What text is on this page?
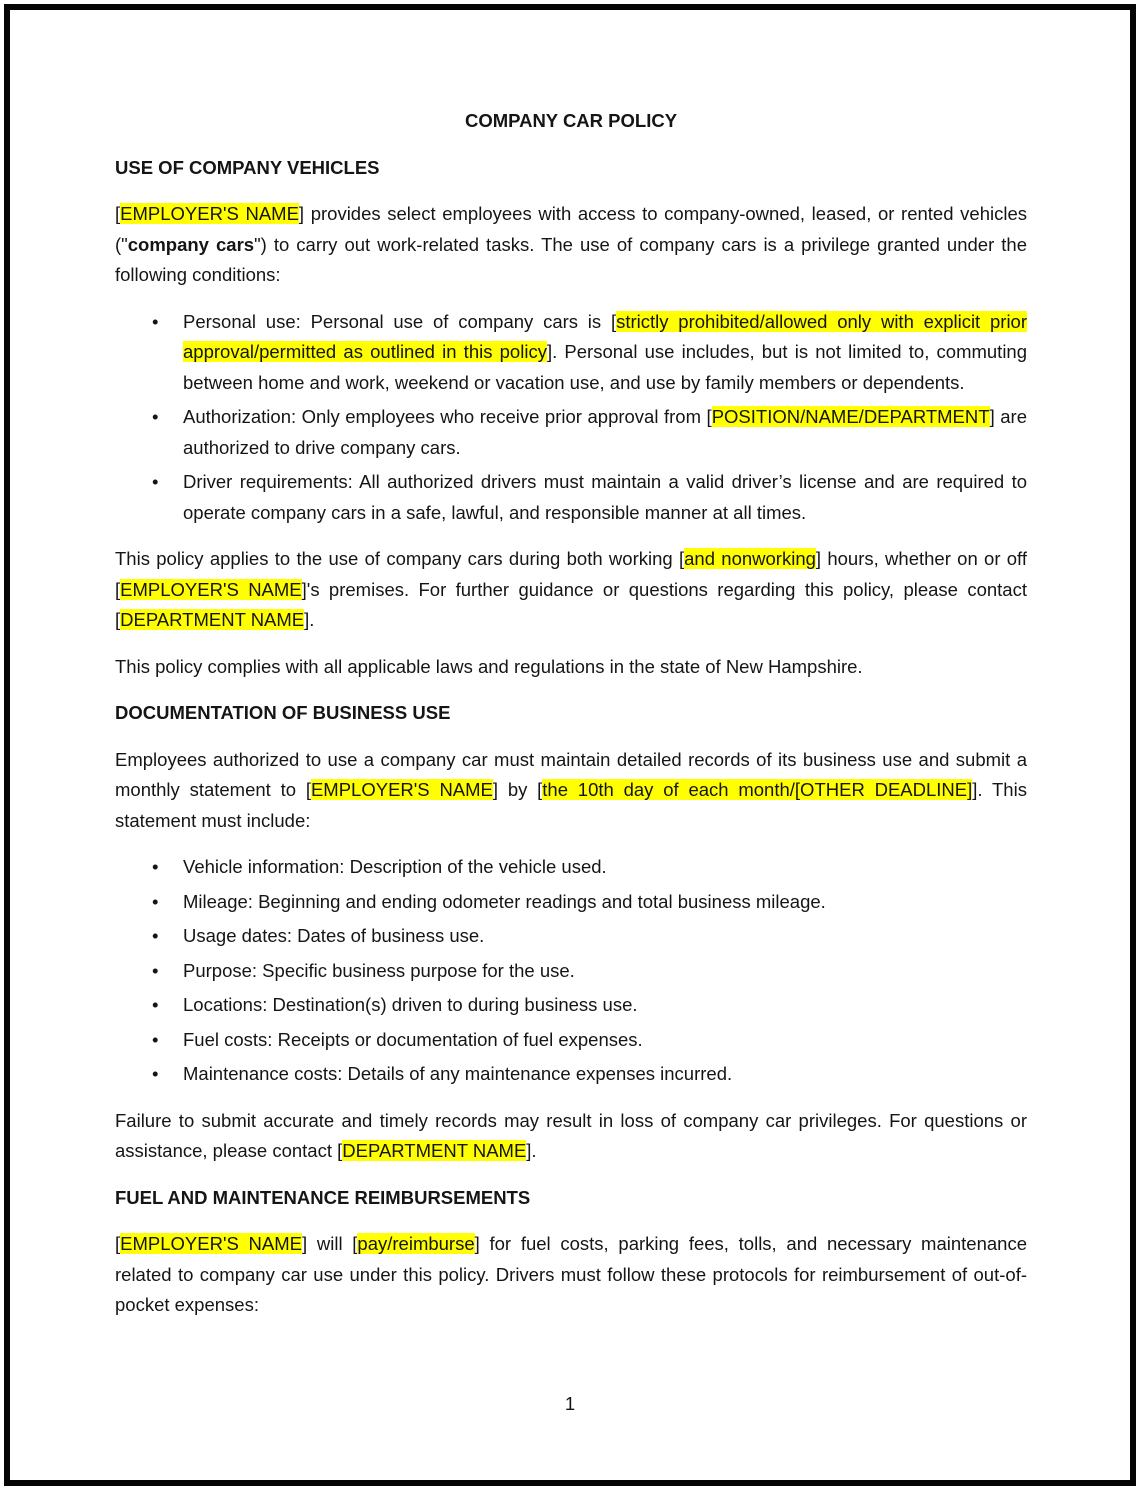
COMPANY CAR POLICY
USE OF COMPANY VEHICLES

[EMPLOYER'S NAME] provides select employees with access to company-owned, leased, or rented vehicles ("company cars") to carry out work-related tasks. The use of company cars is a privilege granted under the following conditions:

• Personal use: Personal use of company cars is [strictly prohibited/allowed only with explicit prior approval/permitted as outlined in this policy]. Personal use includes, but is not limited to, commuting between home and work, weekend or vacation use, and use by family members or dependents.
• Authorization: Only employees who receive prior approval from [POSITION/NAME/DEPARTMENT] are authorized to drive company cars.
• Driver requirements: All authorized drivers must maintain a valid driver’s license and are required to operate company cars in a safe, lawful, and responsible manner at all times.

This policy applies to the use of company cars during both working [and nonworking] hours, whether on or off [EMPLOYER'S NAME]'s premises. For further guidance or questions regarding this policy, please contact [DEPARTMENT NAME].

This policy complies with all applicable laws and regulations in the state of New Hampshire.

DOCUMENTATION OF BUSINESS USE

Employees authorized to use a company car must maintain detailed records of its business use and submit a monthly statement to [EMPLOYER'S NAME] by [the 10th day of each month/[OTHER DEADLINE]]. This statement must include:

• Vehicle information: Description of the vehicle used.
• Mileage: Beginning and ending odometer readings and total business mileage.
• Usage dates: Dates of business use.
• Purpose: Specific business purpose for the use.
• Locations: Destination(s) driven to during business use.
• Fuel costs: Receipts or documentation of fuel expenses.
• Maintenance costs: Details of any maintenance expenses incurred.

Failure to submit accurate and timely records may result in loss of company car privileges. For questions or assistance, please contact [DEPARTMENT NAME].

FUEL AND MAINTENANCE REIMBURSEMENTS

[EMPLOYER'S NAME] will [pay/reimburse] for fuel costs, parking fees, tolls, and necessary maintenance related to company car use under this policy. Drivers must follow these protocols for reimbursement of out-of-pocket expenses:

1
